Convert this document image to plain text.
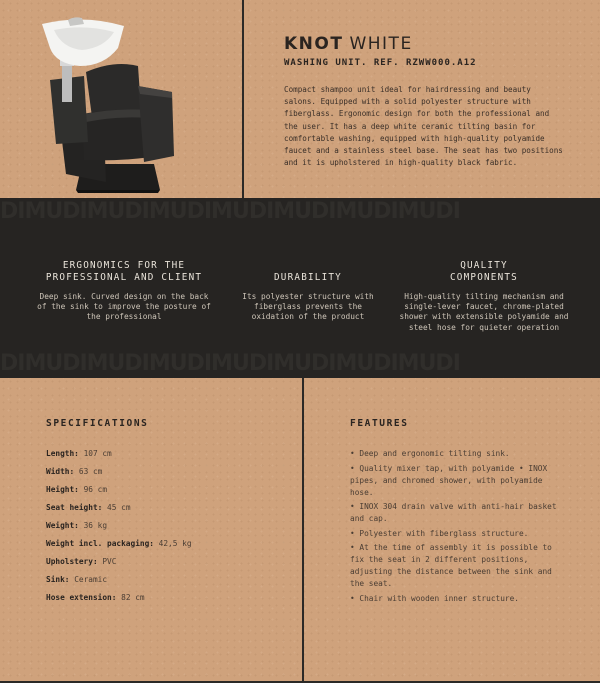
KNOT WHITE
WASHING UNIT. REF. RZWW000.A12
Compact shampoo unit ideal for hairdressing and beauty salons. Equipped with a solid polyester structure with fiberglass. Ergonomic design for both the professional and the user. It has a deep white ceramic tilting basin for comfortable washing, equipped with high-quality polyamide faucet and a stainless steel base. The seat has two positions and it is upholstered in high-quality black fabric.
DIMUDIMUDIMUDIMUDIMUDIMUDIMUDI
DIMUDIMUDIMUDIMUDIMUDIMUDIMUDI
ERGONOMICS FOR THE PROFESSIONAL AND CLIENT

Deep sink. Curved design on the back of the sink to improve the posture of the professional

DURABILITY

Its polyester structure with fiberglass prevents the oxidation of the product

QUALITY COMPONENTS

High-quality tilting mechanism and single-lever faucet, chrome-plated shower with extensible polyamide and steel hose for quieter operation

SPECIFICATIONS
Length: 107 cm
Width: 63 cm
Height: 96 cm
Seat height: 45 cm
Weight: 36 kg
Weight incl. packaging: 42,5 kg
Upholstery: PVC
Sink: Ceramic
Hose extension: 82 cm
FEATURES
• Deep and ergonomic tilting sink.
• Quality mixer tap, with polyamide • INOX pipes, and chromed shower, with polyamide hose.
• INOX 304 drain valve with anti-hair basket and cap.
• Polyester with fiberglass structure.
• At the time of assembly it is possible to fix the seat in 2 different positions, adjusting the distance between the sink and the seat.
• Chair with wooden inner structure.
